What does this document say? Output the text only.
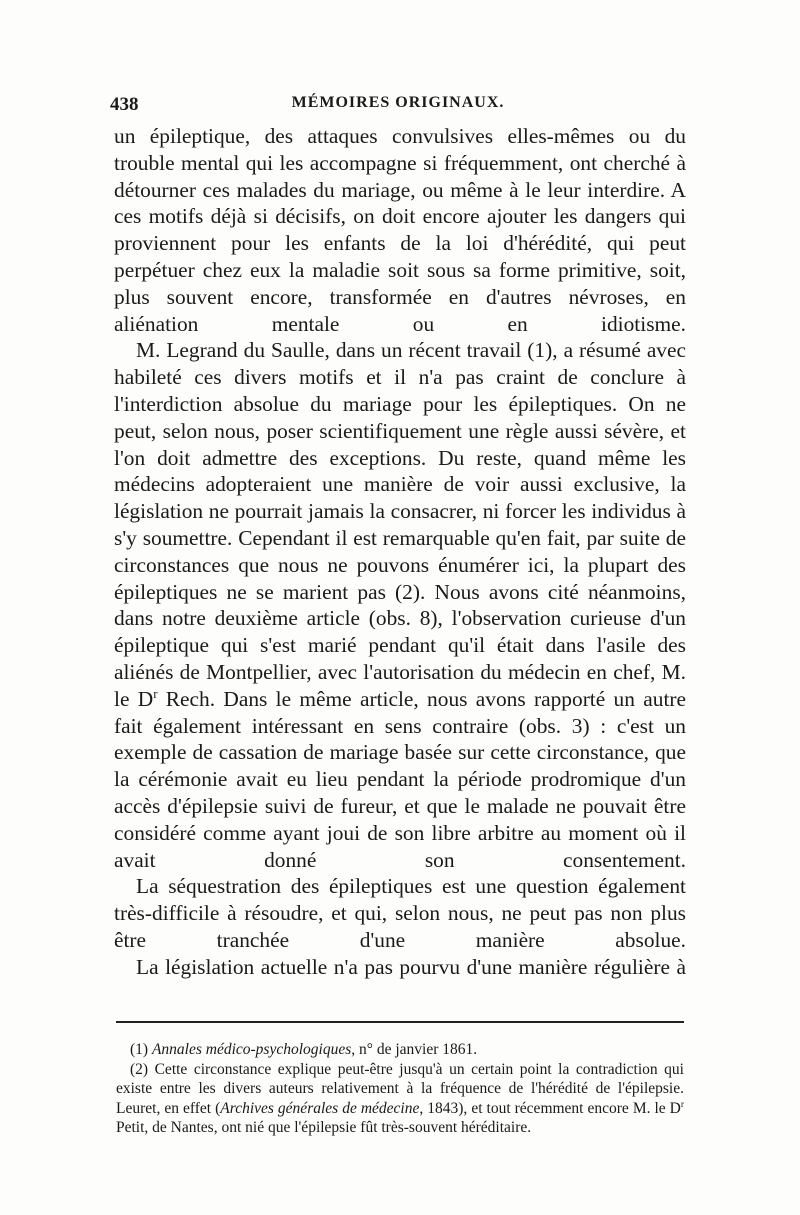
438	MÉMOIRES ORIGINAUX.

un épileptique, des attaques convulsives elles-mêmes ou du trouble mental qui les accompagne si fréquemment, ont cherché à détourner ces malades du mariage, ou même à le leur interdire. A ces motifs déjà si décisifs, on doit encore ajouter les dangers qui proviennent pour les enfants de la loi d'hérédité, qui peut perpétuer chez eux la maladie soit sous sa forme primitive, soit, plus souvent encore, transformée en d'autres névroses, en aliénation mentale ou en idiotisme.

M. Legrand du Saulle, dans un récent travail (1), a résumé avec habileté ces divers motifs et il n'a pas craint de conclure à l'interdiction absolue du mariage pour les épileptiques. On ne peut, selon nous, poser scientifiquement une règle aussi sévère, et l'on doit admettre des exceptions. Du reste, quand même les médecins adopteraient une manière de voir aussi exclusive, la législation ne pourrait jamais la consacrer, ni forcer les individus à s'y soumettre. Cependant il est remarquable qu'en fait, par suite de circonstances que nous ne pouvons énumérer ici, la plupart des épileptiques ne se marient pas (2). Nous avons cité néanmoins, dans notre deuxième article (obs. 8), l'observation curieuse d'un épileptique qui s'est marié pendant qu'il était dans l'asile des aliénés de Montpellier, avec l'autorisation du médecin en chef, M. le $D^r$ Rech. Dans le même article, nous avons rapporté un autre fait également intéressant en sens contraire (obs. 3) : c'est un exemple de cassation de mariage basée sur cette circonstance, que la cérémonie avait eu lieu pendant la période prodromique d'un accès d'épilepsie suivi de fureur, et que le malade ne pouvait être considéré comme ayant joui de son libre arbitre au moment où il avait donné son consentement.

La séquestration des épileptiques est une question également très-difficile à résoudre, et qui, selon nous, ne peut pas non plus être tranchée d'une manière absolue.

La législation actuelle n'a pas pourvu d'une manière régulière à

(1) Annales médico-psychologiques, n° de janvier 1861.

(2) Cette circonstance explique peut-être jusqu'à un certain point la contradiction qui existe entre les divers auteurs relativement à la fréquence de l'hérédité de l'épilepsie. Leuret, en effet (Archives générales de médecine, 1843), et tout récemment encore M. le $D^r$ Petit, de Nantes, ont nié que l'épilepsie fût très-souvent héréditaire.
